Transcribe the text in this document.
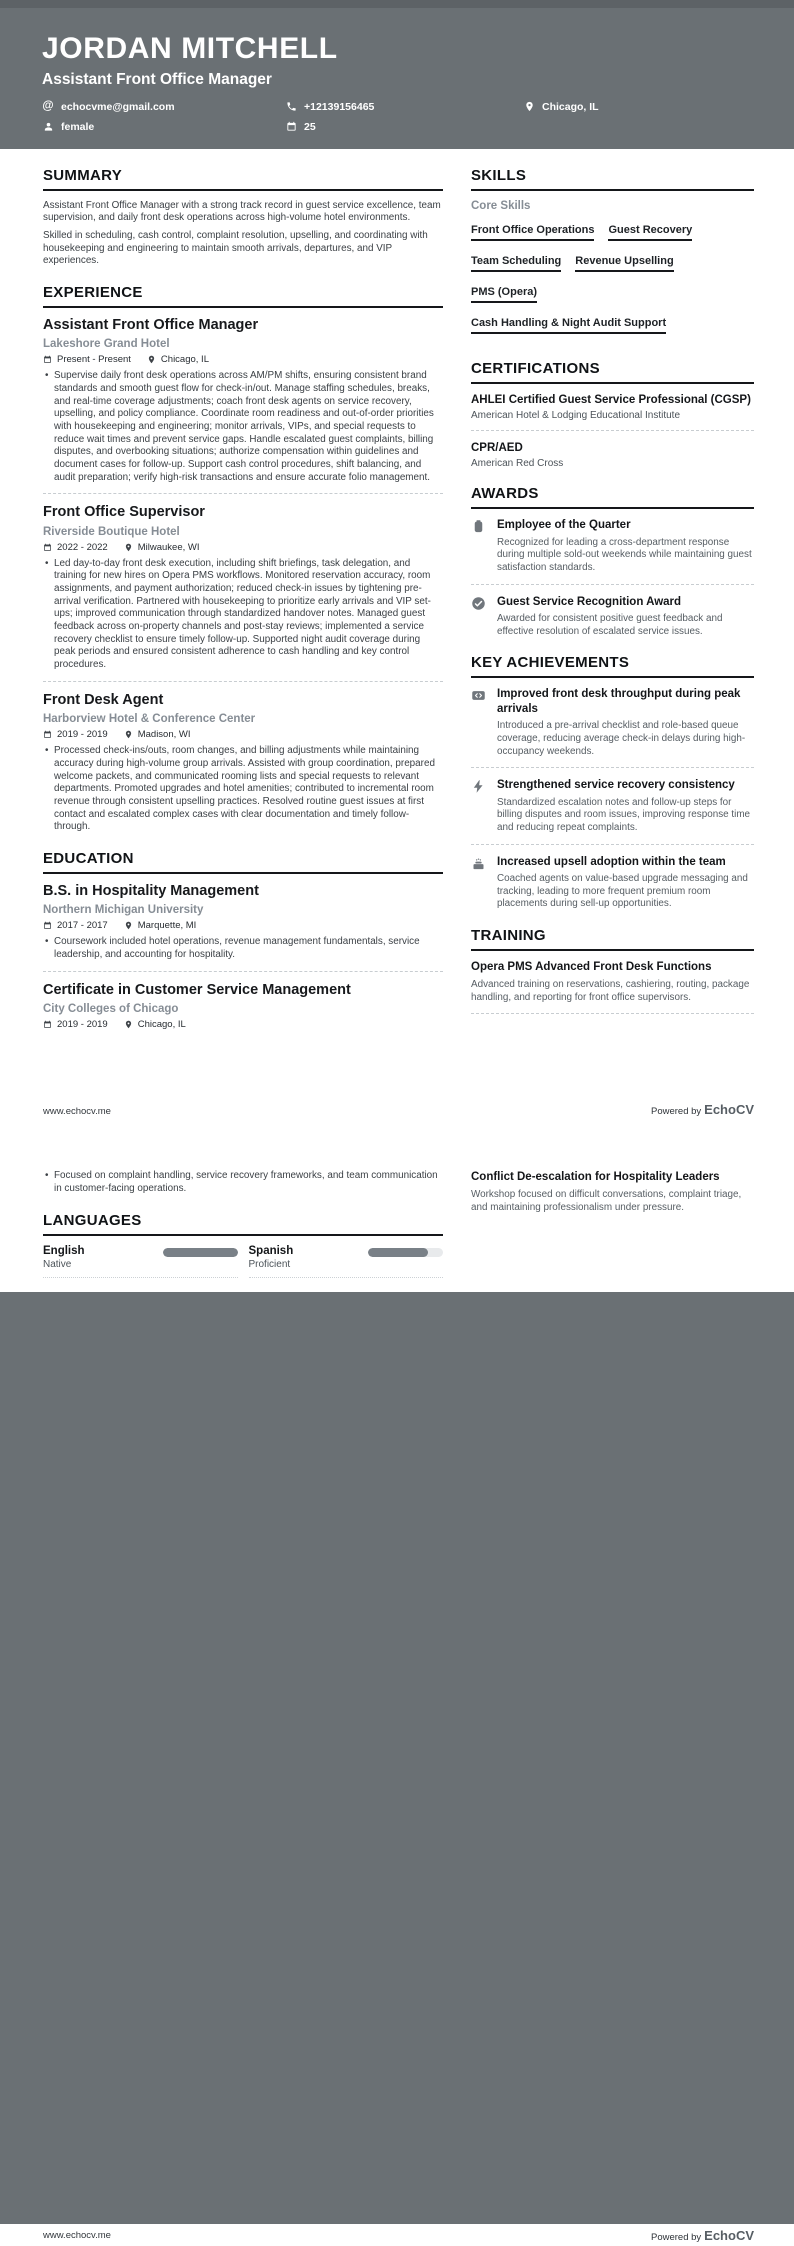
JORDAN MITCHELL
Assistant Front Office Manager
@ echocvme@gmail.com	+12139156465	Chicago, IL
female	25
SUMMARY

Assistant Front Office Manager with a strong track record in guest service excellence, team supervision, and daily front desk operations across high-volume hotel environments.

Skilled in scheduling, cash control, complaint resolution, upselling, and coordinating with housekeeping and engineering to maintain smooth arrivals, departures, and VIP experiences.

EXPERIENCE
Assistant Front Office Manager
Lakeshore Grand Hotel
Present - Present	Chicago, IL
• Supervise daily front desk operations across AM/PM shifts, ensuring consistent brand standards and smooth guest flow for check-in/out. Manage staffing schedules, breaks, and real-time coverage adjustments; coach front desk agents on service recovery, upselling, and policy compliance. Coordinate room readiness and out-of-order priorities with housekeeping and engineering; monitor arrivals, VIPs, and special requests to reduce wait times and prevent service gaps. Handle escalated guest complaints, billing disputes, and overbooking situations; authorize compensation within guidelines and document cases for follow-up. Support cash control procedures, shift balancing, and audit preparation; verify high-risk transactions and ensure accurate folio management.
Front Office Supervisor
Riverside Boutique Hotel
2022 - 2022	Milwaukee, WI
• Led day-to-day front desk execution, including shift briefings, task delegation, and training for new hires on Opera PMS workflows. Monitored reservation accuracy, room assignments, and payment authorization; reduced check-in issues by tightening pre-arrival verification. Partnered with housekeeping to prioritize early arrivals and VIP set-ups; improved communication through standardized handover notes. Managed guest feedback across on-property channels and post-stay reviews; implemented a service recovery checklist to ensure timely follow-up. Supported night audit coverage during peak periods and ensured consistent adherence to cash handling and key control procedures.
Front Desk Agent
Harborview Hotel & Conference Center
2019 - 2019	Madison, WI
• Processed check-ins/outs, room changes, and billing adjustments while maintaining accuracy during high-volume group arrivals. Assisted with group coordination, prepared welcome packets, and communicated rooming lists and special requests to relevant departments. Promoted upgrades and hotel amenities; contributed to incremental room revenue through consistent upselling practices. Resolved routine guest issues at first contact and escalated complex cases with clear documentation and timely follow-through.
EDUCATION
B.S. in Hospitality Management
Northern Michigan University
2017 - 2017	Marquette, MI
• Coursework included hotel operations, revenue management fundamentals, service leadership, and accounting for hospitality.
Certificate in Customer Service Management
City Colleges of Chicago
2019 - 2019	Chicago, IL
SKILLS
Core Skills
Front Office Operations Guest RecoveryTeam Scheduling Revenue UpsellingPMS (Opera)Cash Handling & Night Audit Support
CERTIFICATIONS
AHLEI Certified Guest Service Professional (CGSP)
American Hotel & Lodging Educational Institute
CPR/AED
American Red Cross
AWARDS
Employee of the Quarter
Recognized for leading a cross-department response during multiple sold-out weekends while maintaining guest satisfaction standards.
Guest Service Recognition Award
Awarded for consistent positive guest feedback and effective resolution of escalated service issues.
KEY ACHIEVEMENTS
Improved front desk throughput during peak arrivals
Introduced a pre-arrival checklist and role-based queue coverage, reducing average check-in delays during high-occupancy weekends.
Strengthened service recovery consistency
Standardized escalation notes and follow-up steps for billing disputes and room issues, improving response time and reducing repeat complaints.
Increased upsell adoption within the team
Coached agents on value-based upgrade messaging and tracking, leading to more frequent premium room placements during sell-up opportunities.
TRAINING
Opera PMS Advanced Front Desk Functions
Advanced training on reservations, cashiering, routing, package handling, and reporting for front office supervisors.
www.echocv.me	Powered by EchoCV
• Focused on complaint handling, service recovery frameworks, and team communication in customer-facing operations.
LANGUAGES
English
Native
Spanish
Proficient
Conflict De-escalation for Hospitality Leaders
Workshop focused on difficult conversations, complaint triage, and maintaining professionalism under pressure.
www.echocv.me	Powered by EchoCV
